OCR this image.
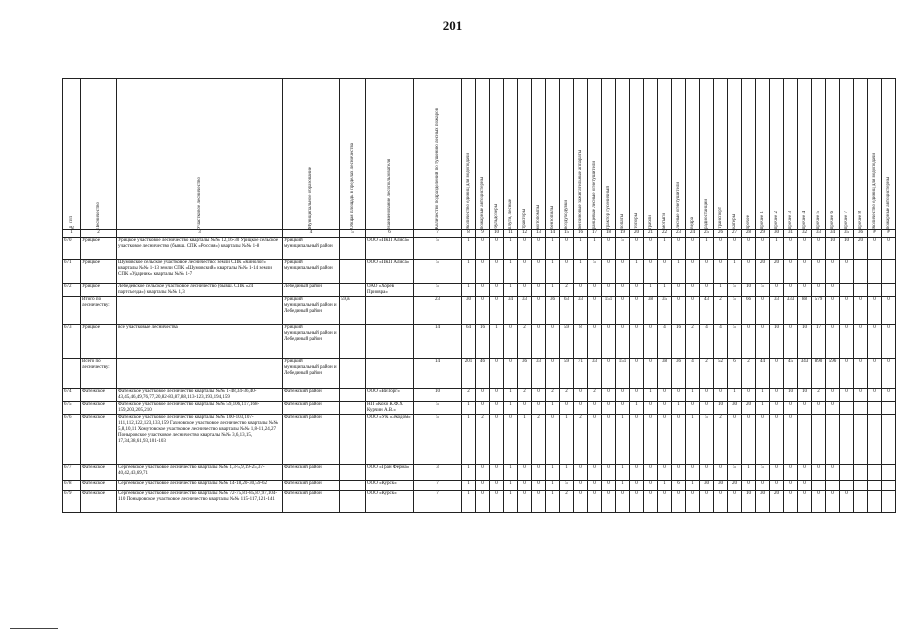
201
№ п/п	Лесничество	Участковое лесничество	Муниципальное образование	Общая площадь в пределах лесничества	Наименование лесопользователя	Количество подразделений по тушению лесных пожаров	Количество единиц для водоподачи	пожарные автоцистерны	бульдозеры	плуги, лесные	тракторы	мотопомпы	бензопилы	воздуходувки	бензиновые зажигательные аппараты	ранцевые лесные огнетушители	трактор гусеничный	лопаты	топоры	грабли	мотыги	лесные огнетушители	ведра	радиостанции	транспорт	катеры	прочее	прочее 1	прочее 2	прочее 3	прочее 4	прочее 5	прочее 6	прочее 7	прочее 8	Количество единиц для водоподачи	пожарные автоцистерны

1	2	3	4	5	6	7	8	9	10	11	12	13	14	15	16	17	18	19	20	21	22	23	24	25	26	27	28	29	30	31	32	33	34	35	36	#	#
670	Урицкое	Урицкое участковое лесничество кварталы №№ 12,16-30 Урицкое сельское участковое лесничество (бывш. СПК «Россия») кварталы №№ 1-8	Урицкий муниципальный район		ООО «ПКП Алиса»	5	1	0	0	1	0	0	1	0	1	1	0	5	0	0	1	0	0	1	0	0	0	0	1	0	0	0	10	10	20	0	0
671	Урицкое	Шумовское сельское участковое лесничество: земли СПК «Кинолог» кварталы №№ 1-13 земли СПК «Шумовский» кварталы №№ 1-14 земли СПК «Ударник» кварталы №№ 1-7	Урицкий муниципальный район		ООО «ПКП Алиса»	5	1	0	0	1	0	0	1	0	1	5	0	0	1	0	0	1	0	0	0	1	0	20	20	0	0	0	0	0			
672	Урицкое	Лебедевское сельское участковое лесничество (бывш. СПК «24 партсъезда») кварталы №№ 1,3	Лебединый район		ОАО «Хорев Приовра»	5	1	0	0	1	0	0	1	2	0	0	0	0	0	1	1	0	0	0	1	5	10	5	0	0	0	0	0				
	Итого по лесничеству:		Урицкий муниципальный район и Лебединый район	59,в		23	30	0	0	34	33	0	36	63	33	0	151	0	0	38	35	0	0	43	2	5	66	0	33	333	88	579	0	0	0	0	0
673	Урицкое	все участковые лесничества	Урицкий муниципальный район и Лебединый район			14	64	16	1	0	2	0	0	59	8	0	0	0	0	0	4	16	2	4	4	5	0	0	10	0	10	17	0	0	0	0	0
	Всего по лесничеству:		Урицкий муниципальный район и Лебединый район			14	201	46	0	0	36	33	0	59	71	33	0	151	0	0	38	36	4	2	52	6	2	44	0	45	343	890	596	0	0	0	0
674	Фатежское	Фатежское участковое лесничество кварталы №№ 1-48,34-36,40-43,45,46,49,76,77,20,82-83,87,88,113-123,193,194,159	Фатежский район		ООО «ВиТорг»	10	2	0	0	1	2	0	2	2	0	2	0	0	0	1	0	0	1	0	0	1	0	1	0	10	10	2	0	0	0	0	0
675	Фатежское	Фатежское участковое лесничество кварталы №№ 59,106,117,168-159,203,205,210	Фатежский район		НП «Кохо К.Ф.Х Курчин А.В.»	5	1	0	0	1	0	0	1	0	0	0	0	0	1	0	0	1	0	0	10	30	20	1	0	0	0	0	0				
676	Фатежское	Фатежское участковое лесничество кварталы №№ 100-103,107-111,112,122,123,133,159 Гахновское участковое лесничество кварталы №№ 5,8,10,11 Хомутовское участковое лесничество кварталы №№ 1,8-11,24,27 Поныровское участковое лесничество кварталы №№ 3,6,13,15, 17,34,38,61,93,101-103	Фатежский район		ООО «УК «Экодом»	5	1	2	0	0	1	2	0	1	2	0	0	1	0	0	0	0	1	5	2	0	0	0	0	0							
677	Фатежское	Сергеевское участковое лесничество кварталы №№ 1,3-5,9,19-25,37-40,42,43,69,71	Фатежский район		ООО «Гран Ферма»	3	1	0	0	1	0	0	1	1	0	0	0	1	0	0	0	0	0	0	0	5	1	5	0	0	0	0	0				
678	Фатежское	Сергеевское участковое лесничество кварталы №№ 14-18,20-30,59-62	Фатежский район		ООО «Курск»	7	1	0	0	1	0	0	1	5	0	0	0	1	0	0	1	6	1	30	30	20	0	0	0	0	0						
679	Фатежское	Сергеевское участковое лесничество кварталы №№ 72-75,81-85,87,97,104-110 Поныровское участковое лесничество кварталы №№ 115-117,121-141	Фатежский район		ООО «Курск»	7	1	0	0	1	0	0	1	2	0	0	0	0	0	0	0	0	0	0	0	0	10	30	20	0	0	0	0	0			
